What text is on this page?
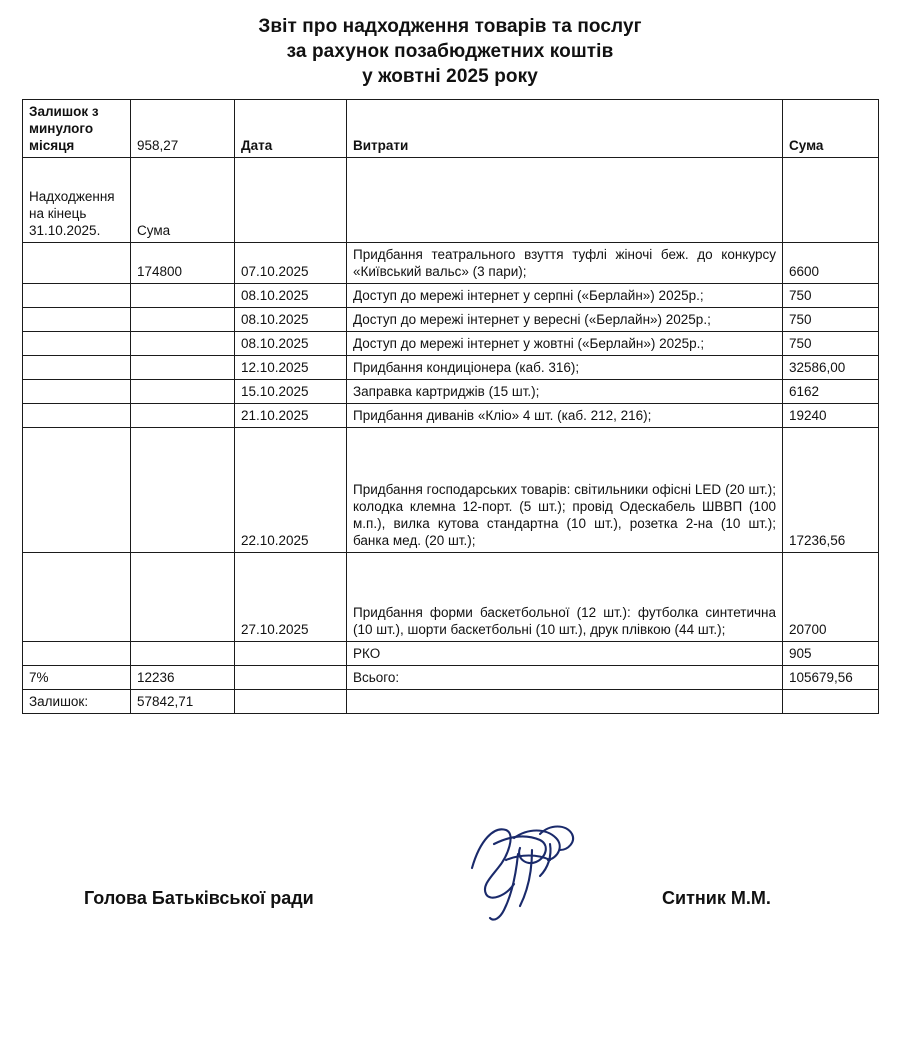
Звіт про надходження товарів та послуг
за рахунок позабюджетних коштів
у жовтні 2025 року
Залишок з минулого місяця	958,27	Дата	Витрати	Сума
Надходження на кінець 31.10.2025.	Сума			
	174800	07.10.2025	Придбання театрального взуття туфлі жіночі беж. до конкурсу «Київський вальс» (3 пари);	6600
		08.10.2025	Доступ до мережі інтернет у серпні («Берлайн») 2025р.;	750
		08.10.2025	Доступ до мережі інтернет у вересні («Берлайн») 2025р.;	750
		08.10.2025	Доступ до мережі інтернет у жовтні («Берлайн») 2025р.;	750
		12.10.2025	Придбання кондиціонера (каб. 316);	32586,00
		15.10.2025	Заправка картриджів (15 шт.);	6162
		21.10.2025	Придбання диванів «Кліо» 4 шт. (каб. 212, 216);	19240
		22.10.2025	Придбання господарських товарів: світильники офісні LED (20 шт.); колодка клемна 12-порт. (5 шт.); провід Одескабель ШВВП (100 м.п.), вилка кутова стандартна (10 шт.), розетка 2-на (10 шт.); банка мед. (20 шт.);	17236,56
		27.10.2025	Придбання форми баскетбольної (12 шт.): футболка синтетична (10 шт.), шорти баскетбольні (10 шт.), друк плівкою (44 шт.);	20700
			РКО	905
7%	12236		Всього:	105679,56
Залишок:	57842,71			
Голова Батьківської ради	Ситник М.М.
